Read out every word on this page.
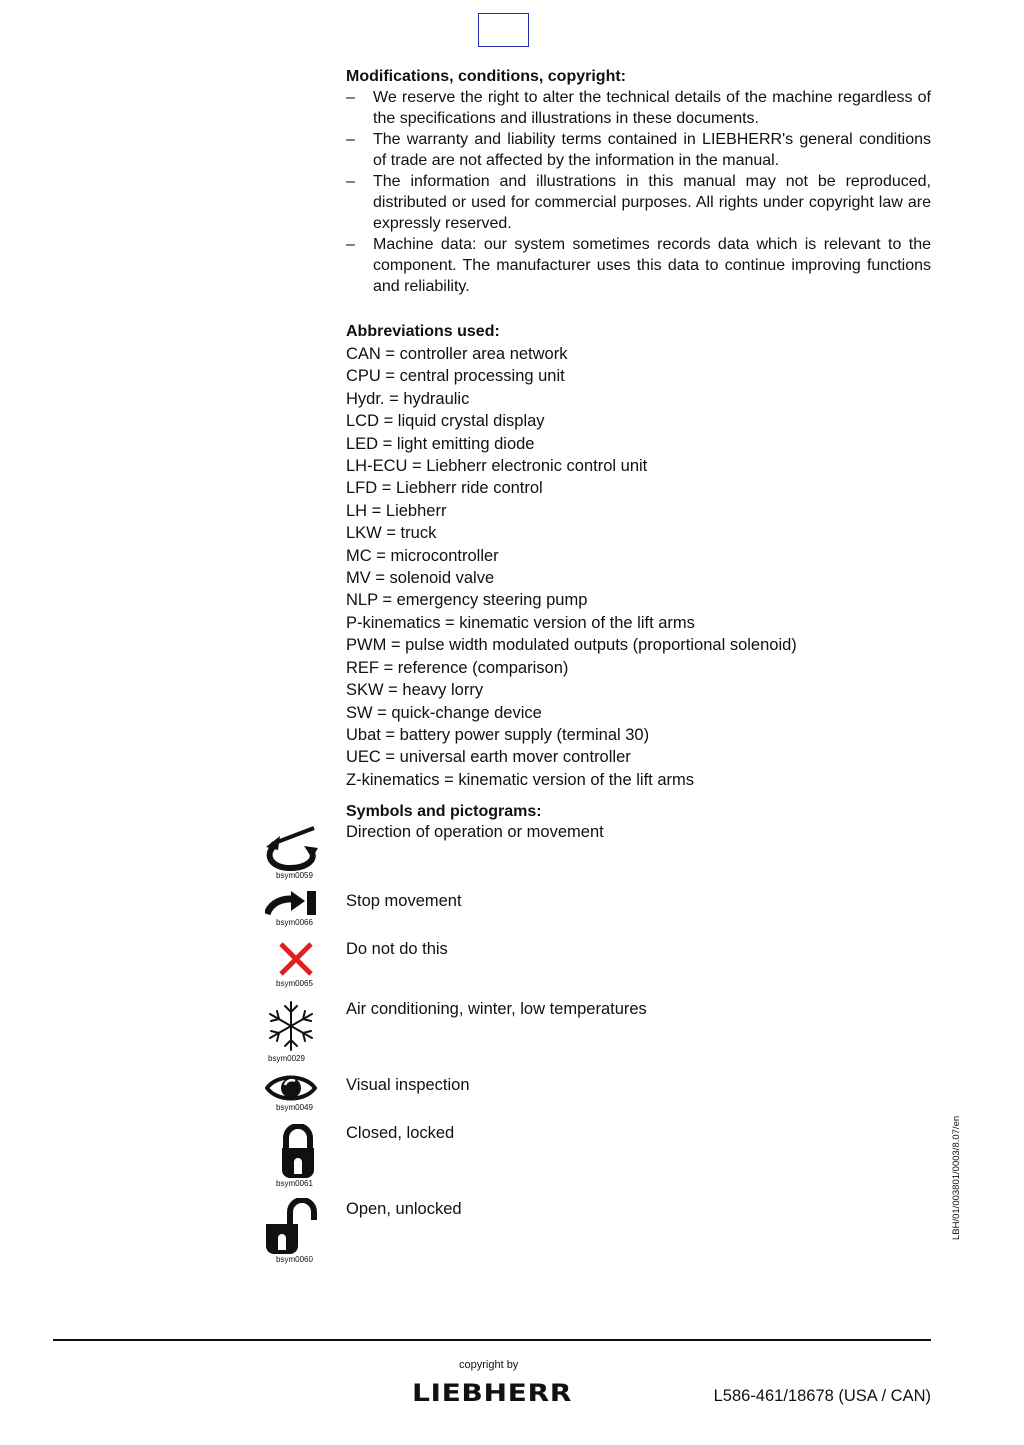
Modifications, conditions, copyright:

– We reserve the right to alter the technical details of the machine regardless of the specifications and illustrations in these documents.
– The warranty and liability terms contained in LIEBHERR's general conditions of trade are not affected by the information in the manual.
– The information and illustrations in this manual may not be reproduced, distributed or used for commercial purposes. All rights under copyright law are expressly reserved.
– Machine data: our system sometimes records data which is relevant to the component. The manufacturer uses this data to continue improving functions and reliability.

Abbreviations used:

CAN = controller area network
CPU = central processing unit
Hydr. = hydraulic
LCD = liquid crystal display
LED = light emitting diode
LH-ECU = Liebherr electronic control unit
LFD = Liebherr ride control
LH = Liebherr
LKW = truck
MC = microcontroller
MV = solenoid valve
NLP = emergency steering pump
P-kinematics = kinematic version of the lift arms
PWM = pulse width modulated outputs (proportional solenoid)
REF = reference (comparison)
SKW = heavy lorry
SW = quick-change device
Ubat = battery power supply (terminal 30)
UEC = universal earth mover controller
Z-kinematics = kinematic version of the lift arms

Symbols and pictograms:

Direction of operation or movement
bsym0059
Stop movement
bsym0066
Do not do this
bsym0065
Air conditioning, winter, low temperatures
bsym0029
Visual inspection
bsym0049
Closed, locked
bsym0061
Open, unlocked
bsym0060
LBH/01/003801/0003/8.07/en
copyright by
LIEBHERR	L586-461/18678 (USA / CAN)
